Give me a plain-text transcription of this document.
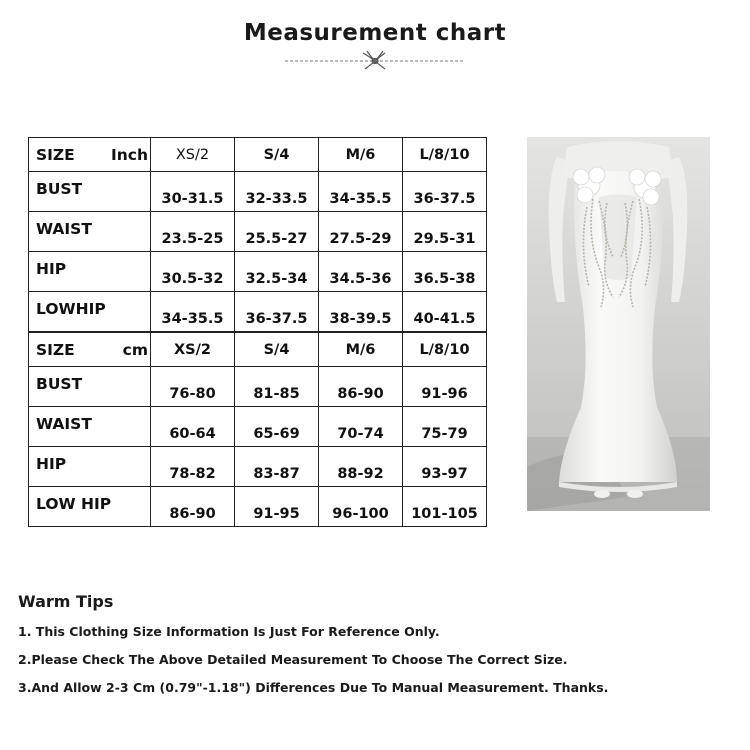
Measurement chart
SIZE Inch	XS/2	S/4	M/6	L/8/10
BUST	30-31.5	32-33.5	34-35.5	36-37.5
WAIST	23.5-25	25.5-27	27.5-29	29.5-31
HIP	30.5-32	32.5-34	34.5-36	36.5-38
LOWHIP	34-35.5	36-37.5	38-39.5	40-41.5
SIZE cm	XS/2	S/4	M/6	L/8/10
BUST	76-80	81-85	86-90	91-96
WAIST	60-64	65-69	70-74	75-79
HIP	78-82	83-87	88-92	93-97
LOW HIP	86-90	91-95	96-100	101-105
Warm Tips
1. This Clothing Size Information Is Just For Reference Only.
2.Please Check The Above Detailed Measurement To Choose The Correct Size.
3.And Allow 2-3 Cm (0.79"-1.18") Differences Due To Manual Measurement. Thanks.
